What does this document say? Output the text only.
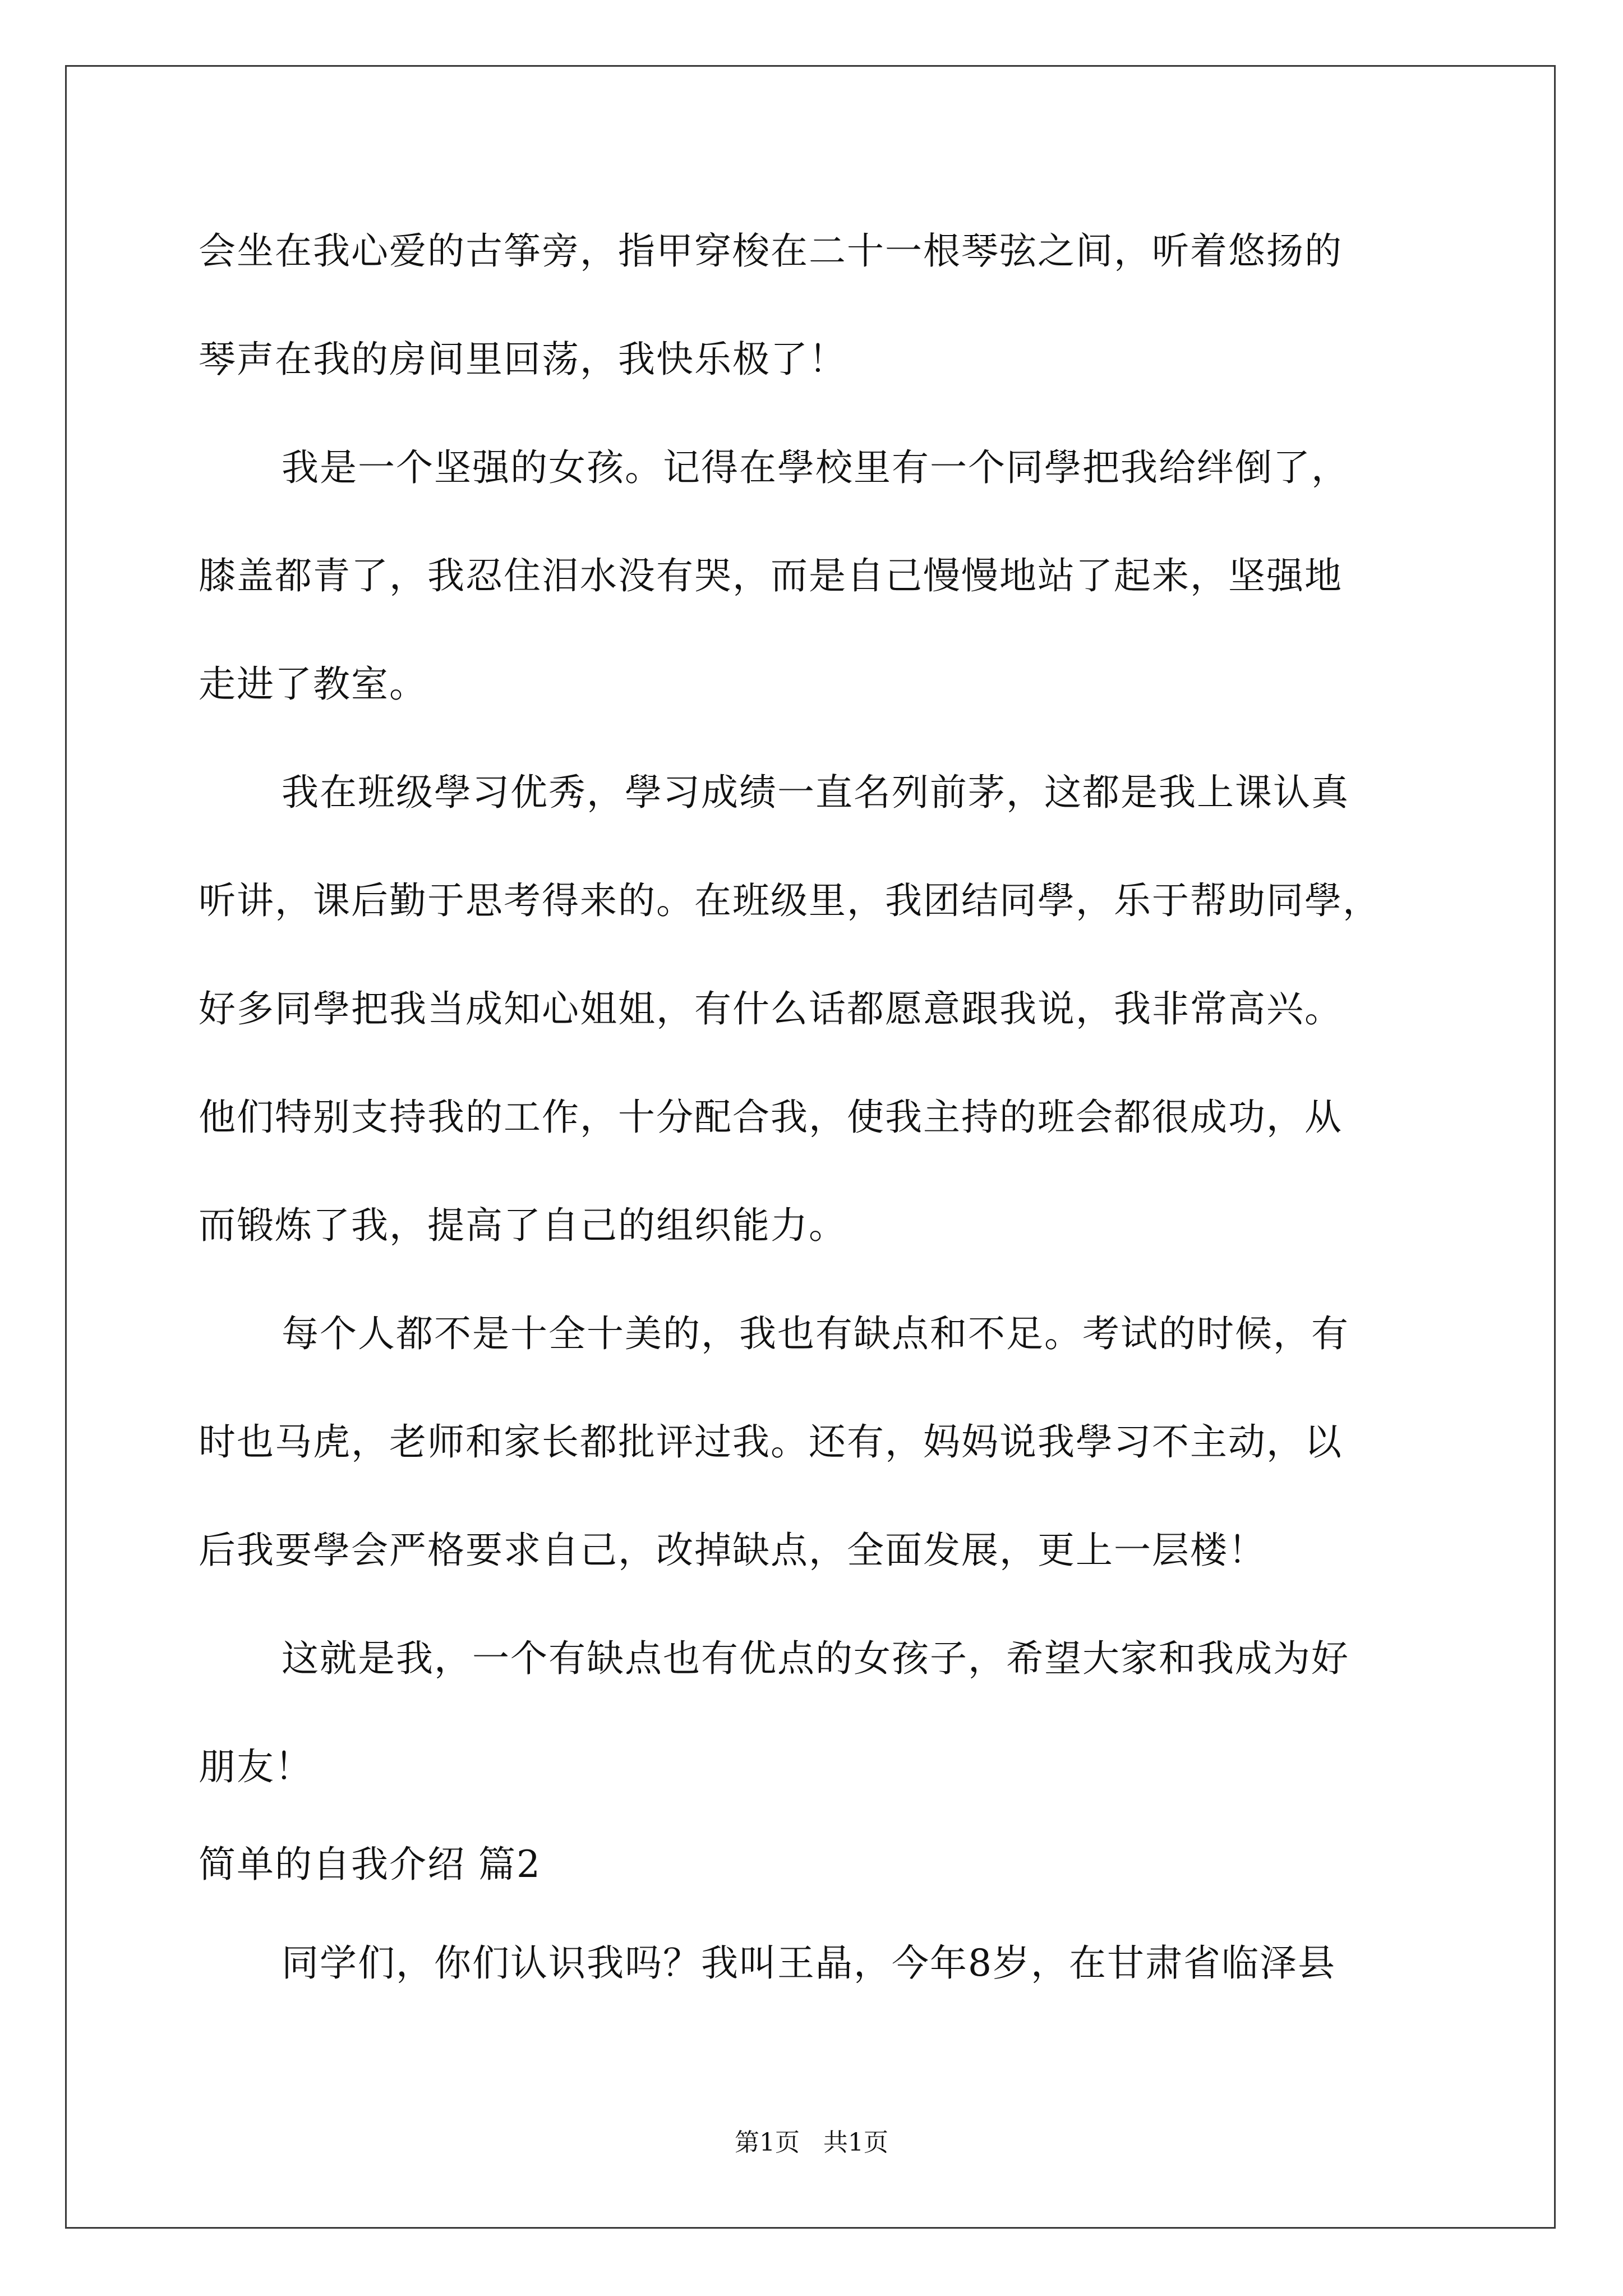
会坐在我心爱的古筝旁，指甲穿梭在二十一根琴弦之间，听着悠扬的
琴声在我的房间里回荡，我快乐极了！
我是一个坚强的女孩。记得在學校里有一个同學把我给绊倒了，
膝盖都青了，我忍住泪水没有哭，而是自己慢慢地站了起来，坚强地
走进了教室。
我在班级學习优秀，學习成绩一直名列前茅，这都是我上课认真
听讲，课后勤于思考得来的。在班级里，我团结同學，乐于帮助同學，
好多同學把我当成知心姐姐，有什么话都愿意跟我说，我非常高兴。
他们特别支持我的工作，十分配合我，使我主持的班会都很成功，从
而锻炼了我，提高了自己的组织能力。
每个人都不是十全十美的，我也有缺点和不足。考试的时候，有
时也马虎，老师和家长都批评过我。还有，妈妈说我學习不主动，以
后我要學会严格要求自己，改掉缺点，全面发展，更上一层楼！
这就是我，一个有缺点也有优点的女孩子，希望大家和我成为好
朋友！
简单的自我介绍 篇2
同学们，你们认识我吗？我叫王晶，今年8岁，在甘肃省临泽县
第1页   共1页
